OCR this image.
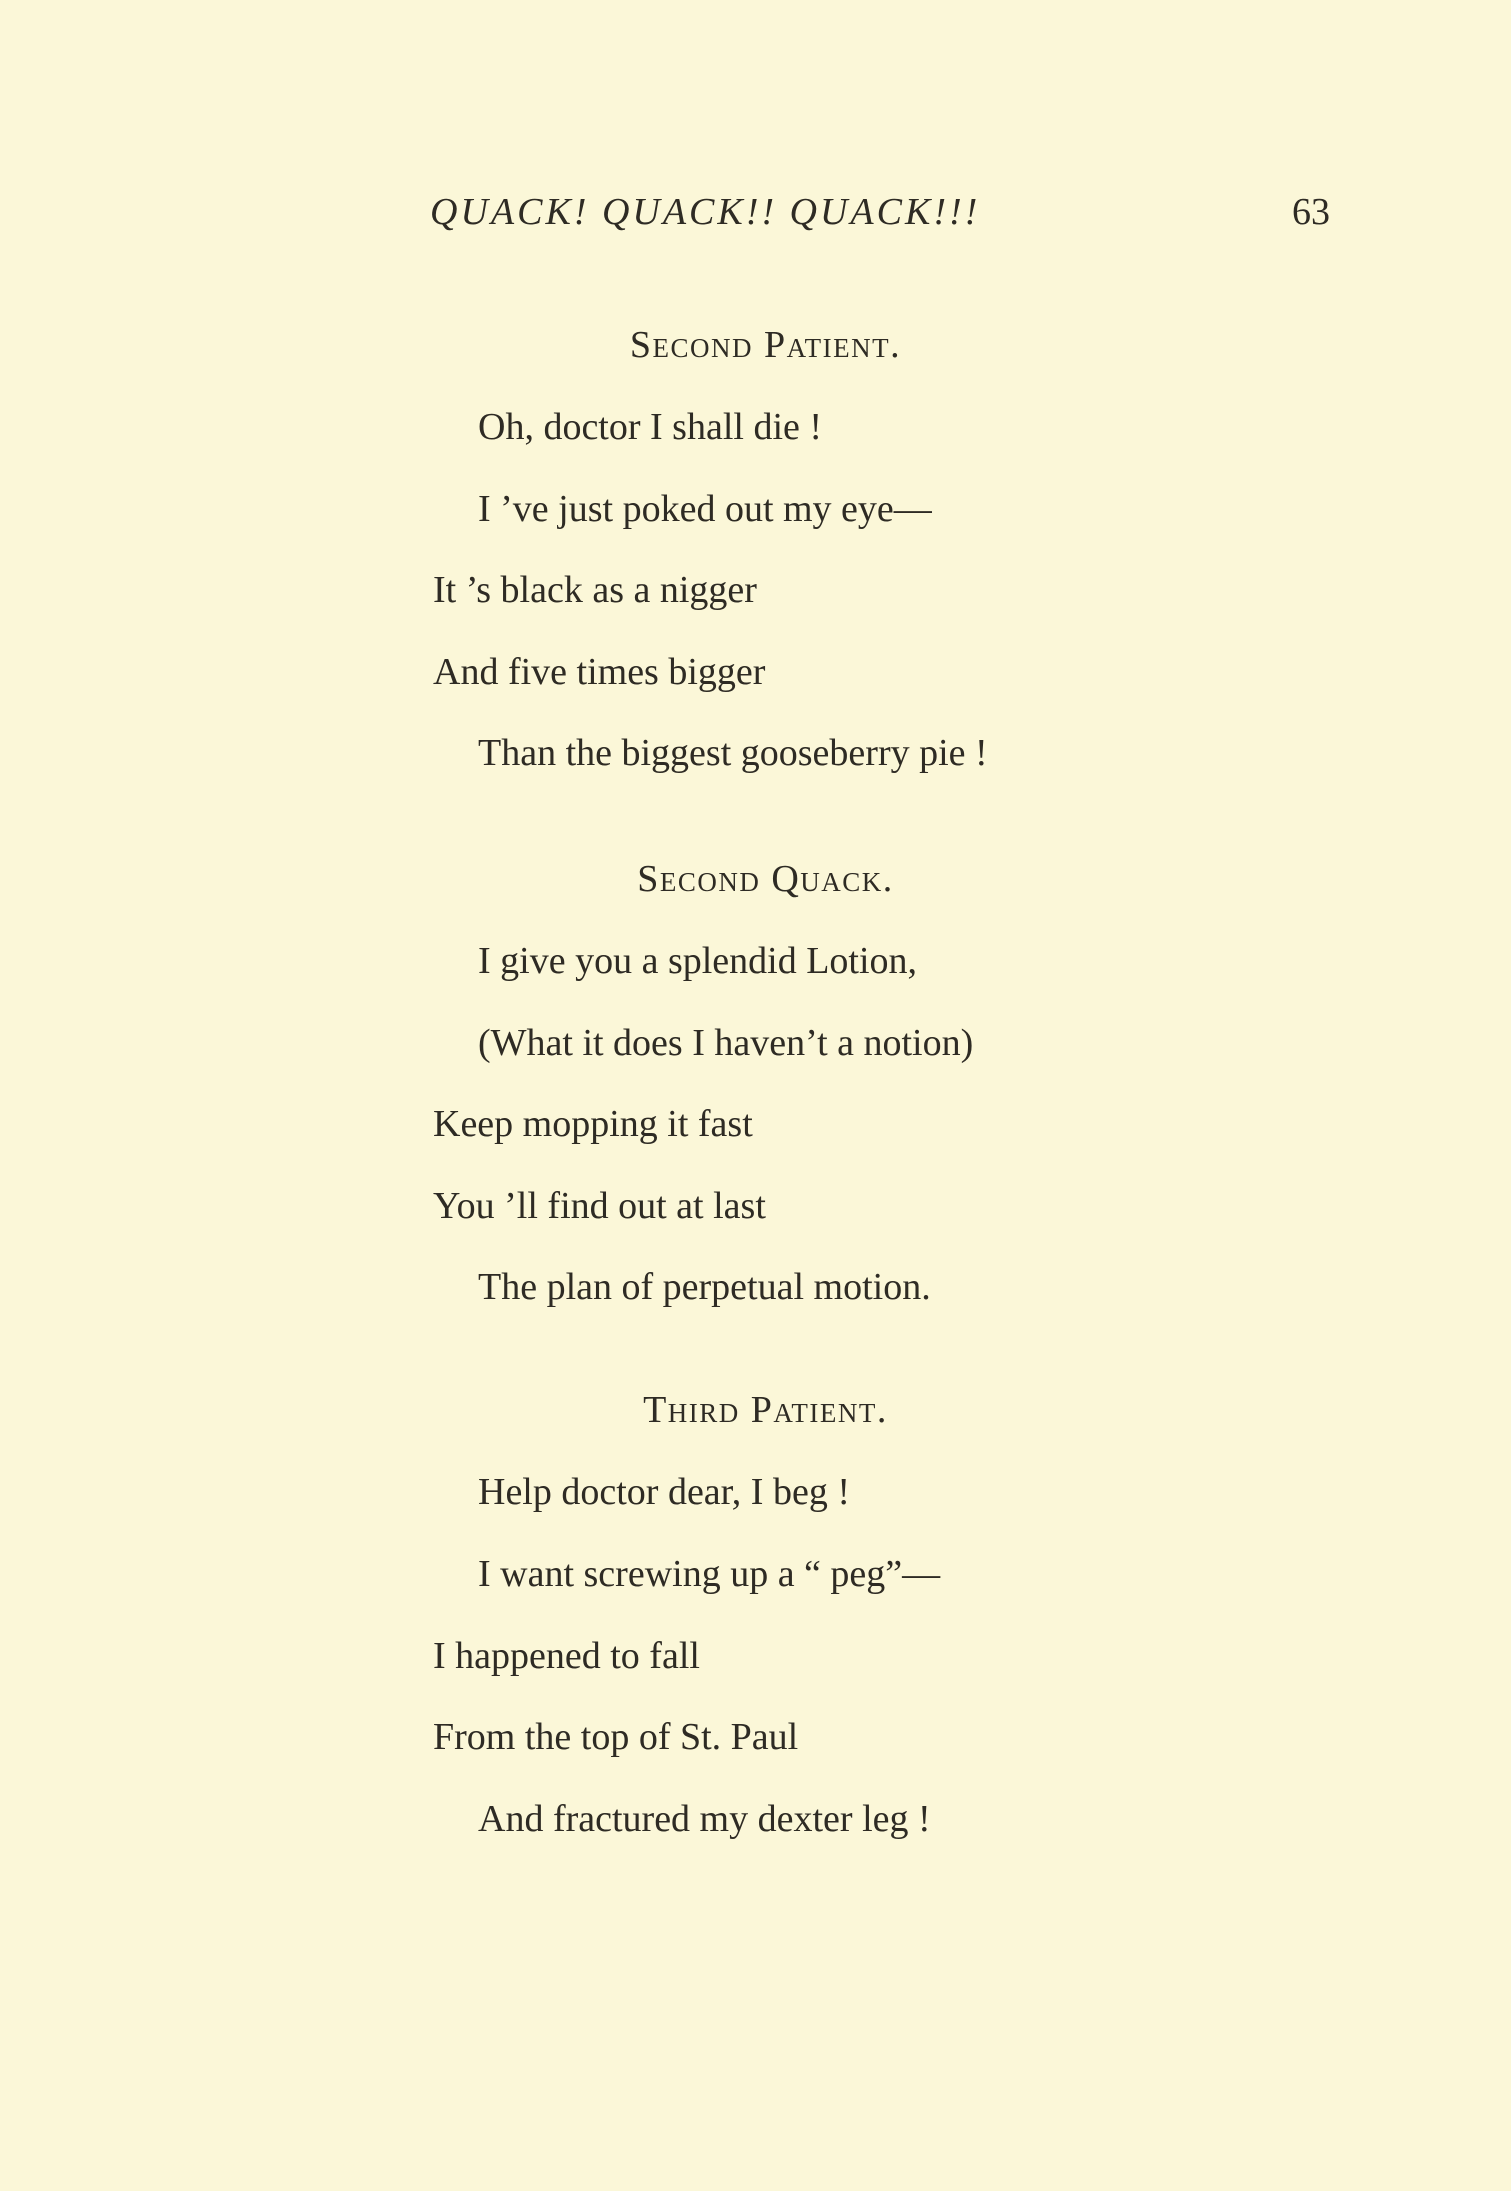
QUACK! QUACK!! QUACK!!!	63
Second Patient.
Oh, doctor I shall die !
I ’ve just poked out my eye—
It ’s black as a nigger
And five times bigger
Than the biggest gooseberry pie !
Second Quack.
I give you a splendid Lotion,
(What it does I haven’t a notion)
Keep mopping it fast
You ’ll find out at last
The plan of perpetual motion.
Third Patient.
Help doctor dear, I beg !
I want screwing up a “ peg”—
I happened to fall
From the top of St. Paul
And fractured my dexter leg !
